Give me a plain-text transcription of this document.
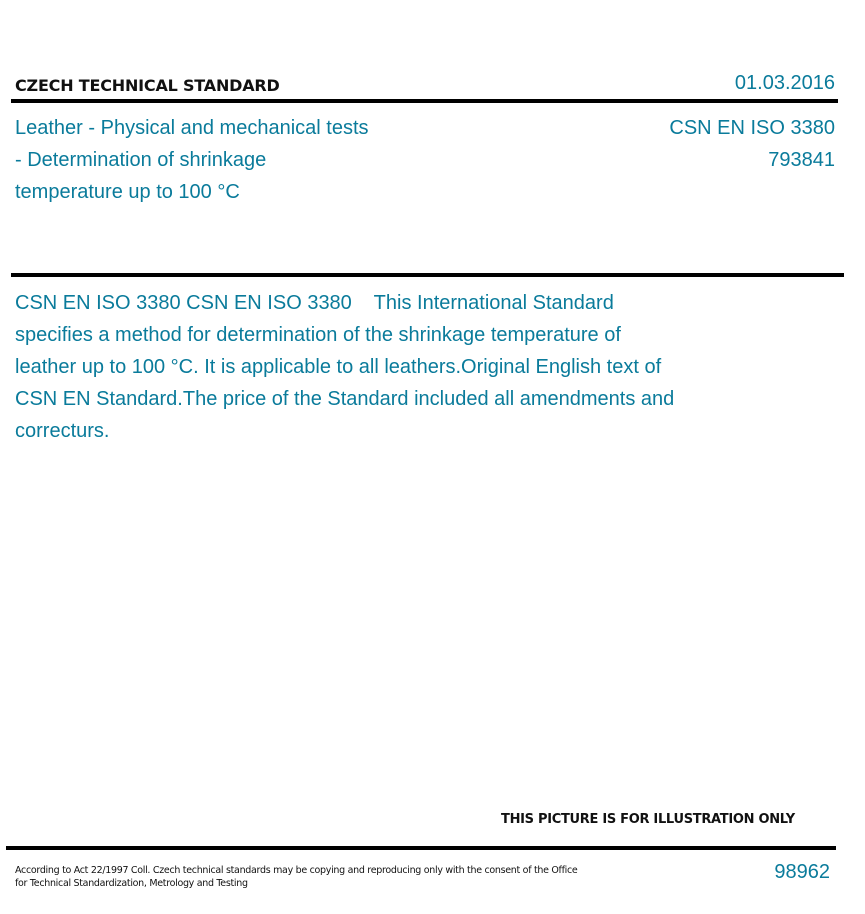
CZECH TECHNICAL STANDARD	01.03.2016
Leather - Physical and mechanical tests - Determination of shrinkage temperature up to 100 °C
CSN EN ISO 3380
793841
CSN EN ISO 3380 CSN EN ISO 3380    This International Standard specifies a method for determination of the shrinkage temperature of leather up to 100 °C. It is applicable to all leathers.Original English text of CSN EN Standard.The price of the Standard included all amendments and correcturs.
THIS PICTURE IS FOR ILLUSTRATION ONLY
According to Act 22/1997 Coll. Czech technical standards may be copying and reproducing only with the consent of the Office
for Technical Standardization, Metrology and Testing
98962
